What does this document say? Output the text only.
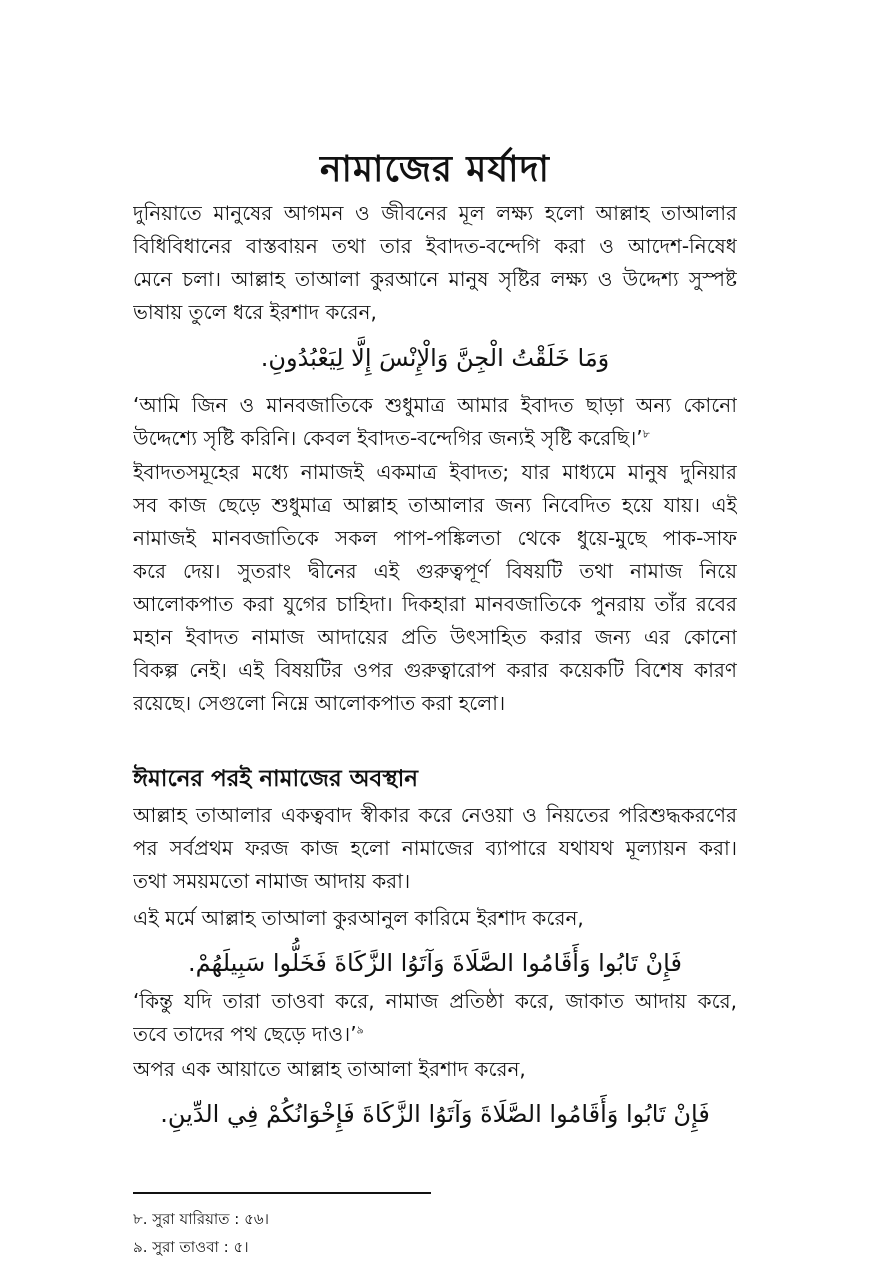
নামাজের মর্যাদা
দুনিয়াতে মানুষের আগমন ও জীবনের মূল লক্ষ্য হলো আল্লাহ তাআলার
বিধিবিধানের বাস্তবায়ন তথা তার ইবাদত-বন্দেগি করা ও আদেশ-নিষেধ
মেনে চলা। আল্লাহ তাআলা কুরআনে মানুষ সৃষ্টির লক্ষ্য ও উদ্দেশ্য সুস্পষ্ট
ভাষায় তুলে ধরে ইরশাদ করেন,
وَمَا خَلَقْتُ الْجِنَّ وَالْإِنْسَ إِلَّا لِيَعْبُدُونِ.
‘আমি জিন ও মানবজাতিকে শুধুমাত্র আমার ইবাদত ছাড়া অন্য কোনো
উদ্দেশ্যে সৃষ্টি করিনি। কেবল ইবাদত-বন্দেগির জন্যই সৃষ্টি করেছি।’$^৮$
ইবাদতসমূহের মধ্যে নামাজই একমাত্র ইবাদত; যার মাধ্যমে মানুষ দুনিয়ার
সব কাজ ছেড়ে শুধুমাত্র আল্লাহ তাআলার জন্য নিবেদিত হয়ে যায়। এই
নামাজই মানবজাতিকে সকল পাপ-পঙ্কিলতা থেকে ধুয়ে-মুছে পাক-সাফ
করে দেয়। সুতরাং দ্বীনের এই গুরুত্বপূর্ণ বিষয়টি তথা নামাজ নিয়ে
আলোকপাত করা যুগের চাহিদা। দিকহারা মানবজাতিকে পুনরায় তাঁর রবের
মহান ইবাদত নামাজ আদায়ের প্রতি উৎসাহিত করার জন্য এর কোনো
বিকল্প নেই। এই বিষয়টির ওপর গুরুত্বারোপ করার কয়েকটি বিশেষ কারণ
রয়েছে। সেগুলো নিম্নে আলোকপাত করা হলো।
ঈমানের পরই নামাজের অবস্থান
আল্লাহ তাআলার একত্ববাদ স্বীকার করে নেওয়া ও নিয়তের পরিশুদ্ধকরণের
পর সর্বপ্রথম ফরজ কাজ হলো নামাজের ব্যাপারে যথাযথ মূল্যায়ন করা।
তথা সময়মতো নামাজ আদায় করা।
এই মর্মে আল্লাহ তাআলা কুরআনুল কারিমে ইরশাদ করেন,
فَإِنْ تَابُوا وَأَقَامُوا الصَّلَاةَ وَآتَوُا الزَّكَاةَ فَخَلُّوا سَبِيلَهُمْ.
‘কিন্তু যদি তারা তাওবা করে, নামাজ প্রতিষ্ঠা করে, জাকাত আদায় করে,
তবে তাদের পথ ছেড়ে দাও।’$^৯$
অপর এক আয়াতে আল্লাহ তাআলা ইরশাদ করেন,
فَإِنْ تَابُوا وَأَقَامُوا الصَّلَاةَ وَآتَوُا الزَّكَاةَ فَإِخْوَانُكُمْ فِي الدِّينِ.
৮. সুরা যারিয়াত : ৫৬।
৯. সুরা তাওবা : ৫।
